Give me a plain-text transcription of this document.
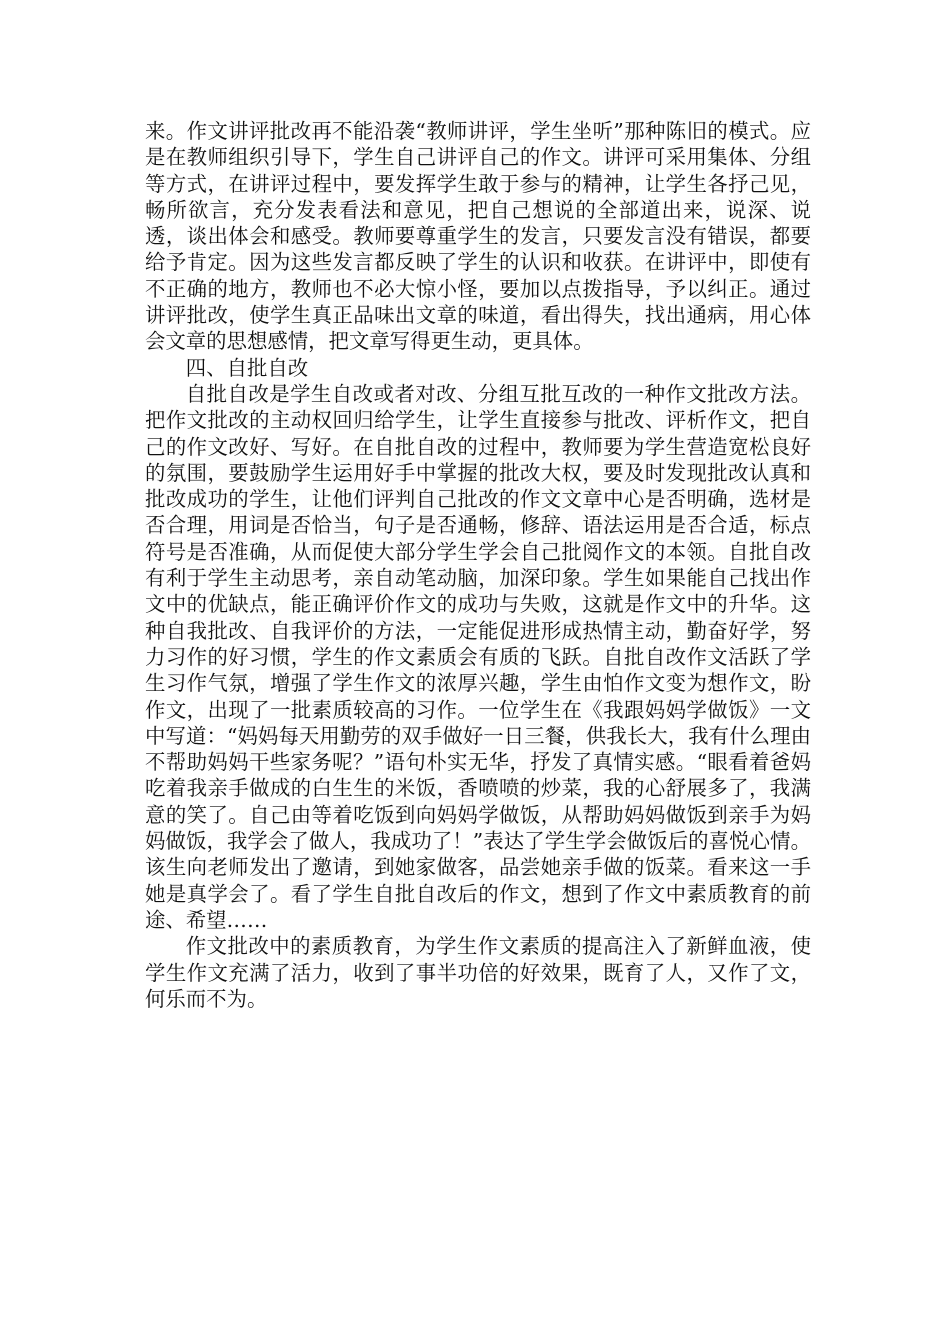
来。作文讲评批改再不能沿袭“教师讲评，学生坐听”那种陈旧的模式。应是在教师组织引导下，学生自己讲评自己的作文。讲评可采用集体、分组等方式，在讲评过程中，要发挥学生敢于参与的精神，让学生各抒己见，畅所欲言，充分发表看法和意见，把自己想说的全部道出来，说深、说透，谈出体会和感受。教师要尊重学生的发言，只要发言没有错误，都要给予肯定。因为这些发言都反映了学生的认识和收获。在讲评中，即使有不正确的地方，教师也不必大惊小怪，要加以点拨指导，予以纠正。通过讲评批改，使学生真正品味出文章的味道，看出得失，找出通病，用心体会文章的思想感情，把文章写得更生动，更具体。

四、自批自改

自批自改是学生自改或者对改、分组互批互改的一种作文批改方法。把作文批改的主动权回归给学生，让学生直接参与批改、评析作文，把自己的作文改好、写好。在自批自改的过程中，教师要为学生营造宽松良好的氛围，要鼓励学生运用好手中掌握的批改大权，要及时发现批改认真和批改成功的学生，让他们评判自己批改的作文文章中心是否明确，选材是否合理，用词是否恰当，句子是否通畅，修辞、语法运用是否合适，标点符号是否准确，从而促使大部分学生学会自己批阅作文的本领。自批自改有利于学生主动思考，亲自动笔动脑，加深印象。学生如果能自己找出作文中的优缺点，能正确评价作文的成功与失败，这就是作文中的升华。这种自我批改、自我评价的方法，一定能促进形成热情主动，勤奋好学，努力习作的好习惯，学生的作文素质会有质的飞跃。自批自改作文活跃了学生习作气氛，增强了学生作文的浓厚兴趣，学生由怕作文变为想作文，盼作文，出现了一批素质较高的习作。一位学生在《我跟妈妈学做饭》一文中写道：“妈妈每天用勤劳的双手做好一日三餐，供我长大，我有什么理由不帮助妈妈干些家务呢？”语句朴实无华，抒发了真情实感。“眼看着爸妈吃着我亲手做成的白生生的米饭，香喷喷的炒菜，我的心舒展多了，我满意的笑了。自己由等着吃饭到向妈妈学做饭，从帮助妈妈做饭到亲手为妈妈做饭，我学会了做人，我成功了！”表达了学生学会做饭后的喜悦心情。该生向老师发出了邀请，到她家做客，品尝她亲手做的饭菜。看来这一手她是真学会了。看了学生自批自改后的作文，想到了作文中素质教育的前途、希望……

作文批改中的素质教育，为学生作文素质的提高注入了新鲜血液，使学生作文充满了活力，收到了事半功倍的好效果，既育了人，又作了文，何乐而不为。
